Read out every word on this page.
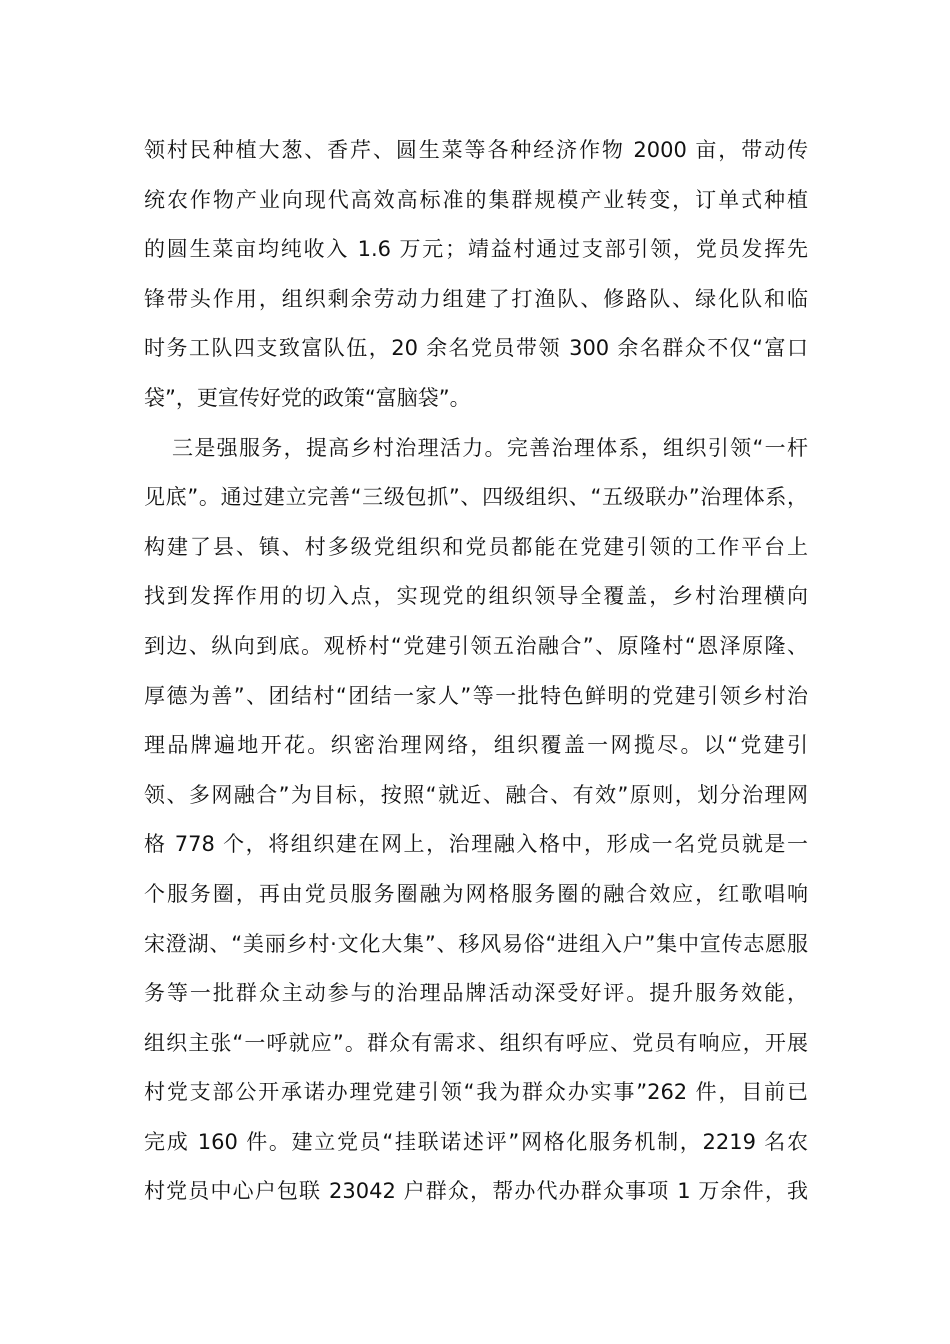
领村民种植大葱、香芹、圆生菜等各种经济作物 2000 亩，带动传
统农作物产业向现代高效高标准的集群规模产业转变，订单式种植
的圆生菜亩均纯收入 1.6 万元；靖益村通过支部引领，党员发挥先
锋带头作用，组织剩余劳动力组建了打渔队、修路队、绿化队和临
时务工队四支致富队伍，20 余名党员带领 300 余名群众不仅“富口
袋”，更宣传好党的政策“富脑袋”。
三是强服务，提高乡村治理活力。完善治理体系，组织引领“一杆
见底”。通过建立完善“三级包抓”、四级组织、“五级联办”治理体系，
构建了县、镇、村多级党组织和党员都能在党建引领的工作平台上
找到发挥作用的切入点，实现党的组织领导全覆盖，乡村治理横向
到边、纵向到底。观桥村“党建引领五治融合”、原隆村“恩泽原隆、
厚德为善”、团结村“团结一家人”等一批特色鲜明的党建引领乡村治
理品牌遍地开花。织密治理网络，组织覆盖一网揽尽。以“党建引
领、多网融合”为目标，按照“就近、融合、有效”原则，划分治理网
格 778 个，将组织建在网上，治理融入格中，形成一名党员就是一
个服务圈，再由党员服务圈融为网格服务圈的融合效应，红歌唱响
宋澄湖、“美丽乡村·文化大集”、移风易俗“进组入户”集中宣传志愿服
务等一批群众主动参与的治理品牌活动深受好评。提升服务效能，
组织主张“一呼就应”。群众有需求、组织有呼应、党员有响应，开展
村党支部公开承诺办理党建引领“我为群众办实事”262 件，目前已
完成 160 件。建立党员“挂联诺述评”网格化服务机制，2219 名农
村党员中心户包联 23042 户群众，帮办代办群众事项 1 万余件，我
